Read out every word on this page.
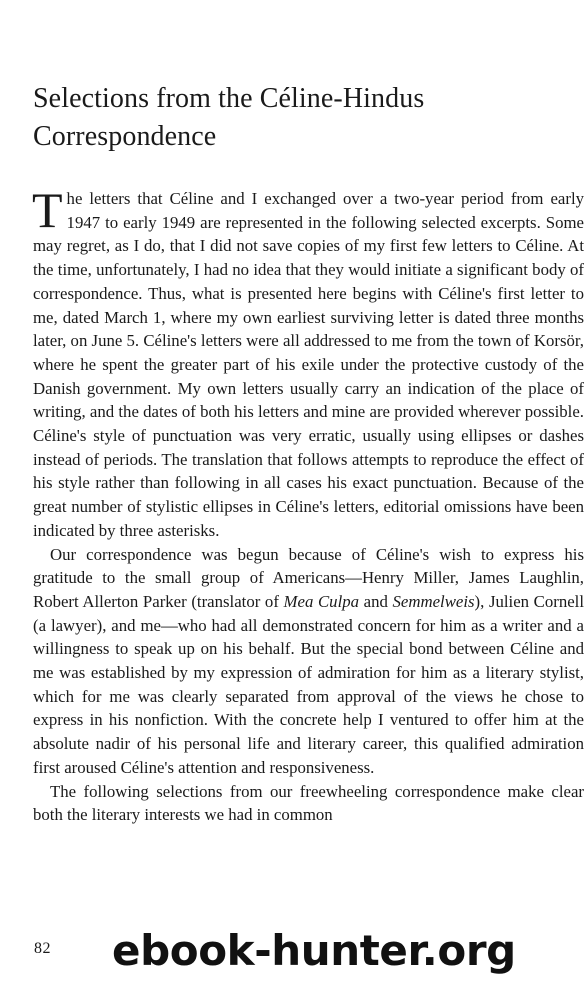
Selections from the Céline-Hindus Correspondence

The letters that Céline and I exchanged over a two-year period from early 1947 to early 1949 are represented in the following selected excerpts. Some may regret, as I do, that I did not save copies of my first few letters to Céline. At the time, unfortunately, I had no idea that they would initiate a significant body of correspondence. Thus, what is presented here begins with Céline's first letter to me, dated March 1, where my own earliest surviving letter is dated three months later, on June 5. Céline's letters were all addressed to me from the town of Korsör, where he spent the greater part of his exile under the protective custody of the Danish government. My own letters usually carry an indication of the place of writing, and the dates of both his letters and mine are provided wherever possible. Céline's style of punctuation was very erratic, usually using ellipses or dashes instead of periods. The translation that follows attempts to reproduce the effect of his style rather than following in all cases his exact punctuation. Because of the great number of stylistic ellipses in Céline's letters, editorial omissions have been indicated by three asterisks.

Our correspondence was begun because of Céline's wish to express his gratitude to the small group of Americans—Henry Miller, James Laughlin, Robert Allerton Parker (translator of Mea Culpa and Semmelweis), Julien Cornell (a lawyer), and me—who had all demonstrated concern for him as a writer and a willingness to speak up on his behalf. But the special bond between Céline and me was established by my expression of admiration for him as a literary stylist, which for me was clearly separated from approval of the views he chose to express in his nonfiction. With the concrete help I ventured to offer him at the absolute nadir of his personal life and literary career, this qualified admiration first aroused Céline's attention and responsiveness.

The following selections from our freewheeling correspondence make clear both the literary interests we had in common

82 ebook-hunter.org
